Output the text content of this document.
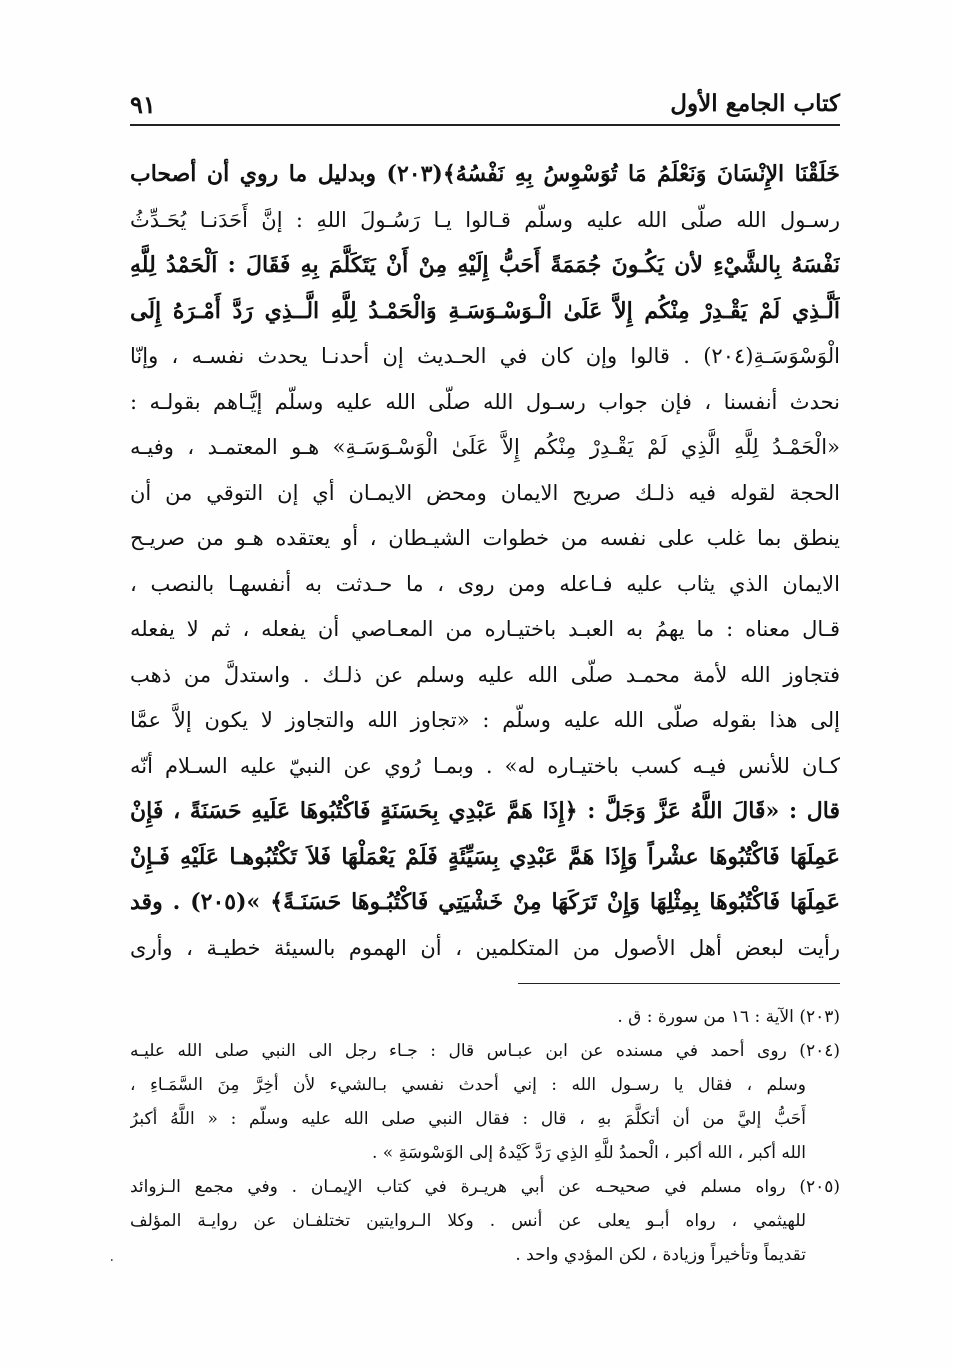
كتاب الجامع الأول
٩١
خَلَقْنَا الإِنْسَانَ وَنَعْلَمُ مَا تُوَسْوِسُ بِهِ نَفْسُهُ﴾(٢٠٣) وبدليل ما روي أن أصحاب
رسـول الله صلّى الله عليه وسلّم قـالوا يـا رَسُـولَ اللهِ : إنَّ أَحَدَنـا يُحَـدِّثُ
نَفْسَهُ بِالشَّيْءِ لأن يَكُـونَ جُمَمَةً أَحَبُّ إِلَيْهِ مِنْ أَنْ يَتَكَلَّمَ بِهِ فَقَالَ : اَلْحَمْدُ لِلَّهِ
اَلَّـذِي لَمْ يَقْـدِرْ مِنْكُم إِلاَّ عَلَىٰ الْـوَسْـوَسَـةِ وَالْحَمْـدُ لِلَّهِ الَّــذِي رَدَّ أَمْـرَهُ إِلَى
الْوَسْوَسَـةِ(٢٠٤) . قالوا وإن كان في الحـديث إن أحدنـا يحدث نفسـه ، وإنّا
نحدث أنفسنا ، فإن جواب رسـول الله صلّى الله عليه وسلّم إيَّـاهم بقولـه :
«الْحَمْـدُ لِلَّهِ الَّذِي لَمْ يَقْـدِرْ مِنْكُم إِلاَّ عَلَىٰ الْوَسْـوَسَـةِ» هـو المعتمـد ، وفيـه
الحجة لقوله فيه ذلـك صريح الايمان ومحض الايمـان أي إن التوقي من أن
ينطق بما غلب على نفسه من خطوات الشيـطان ، أو يعتقده هـو من صريـح
الايمان الذي يثاب عليه فـاعله ومن روى ، ما حـدثت به أنفسهـا بالنصب ،
قـال معناه : ما يهمُ به العبـد باختيـاره من المعـاصي أن يفعله ، ثم لا يفعله
فتجاوز الله لأمة محمـد صلّى الله عليه وسلم عن ذلـك . واستدلَّ من ذهب
إلى هذا بقوله صلّى الله عليه وسلّم : «تجاوز الله والتجاوز لا يكون إلاَّ عمَّا
كـان للأنس فيـه كسب باختيـاره له» . وبمـا رُوي عن النبيّ عليه السـلام أنّه
قال : «قَالَ اللَّهُ عَزَّ وَجَلَّ : ﴿إِذَا هَمَّ عَبْدِي بِحَسَنَةٍ فَاكْتُبُوهَا عَلَيهِ حَسَنَةً ، فَإِنْ
عَمِلَهَا فَاكْتُبُوهَا عشْراً وَإِذَا هَمَّ عَبْدِي بِسَيِّئَةٍ فَلَمْ يَعْمَلْهَا فَلاَ تَكْتُبُوهـا عَلَيْهِ فَـإِنْ
عَمِلَهَا فَاكْتُبُوهَا بِمِثْلِهَا وَإِنْ تَرَكَهَا مِنْ خَشْيَتِي فَاكْتُبُـوهَا حَسَنَـةً﴾ »(٢٠٥) . وقد
رأيت لبعض أهل الأصول من المتكلمين ، أن الهموم بالسيئة خطيـة ، وأرى
(٢٠٣) الآية : ١٦ من سورة : ق .
(٢٠٤) روى أحمد في مسنده عن ابن عبـاس قال : جـاء رجل الى النبي صلى الله عليـه
وسلم ، فقال يا رسـول الله : إني أحدث نفسي بـالشيء لأن أخِرَّ مِنَ السَّمَـاءِ ،
أَحَبُّ إليَّ من أن أتكلَّمَ بهِ ، قال : فقال النبي صلى الله عليه وسلّم : « اللَّهُ أكبرُ
الله أكبر ، الله أكبر ، الْحمدُ للَّهِ الذِي رَدَّ كَيْدهُ إلى الوَسْوسَةِ » .
(٢٠٥) رواه مسلم في صحيحـه عن أبي هريـرة في كتاب الإيمـان . وفي مجمع الـزوائد
للهيثمي ، رواه أبـو يعلى عن أنس . وكلا الـروايتين تختلفـان عن روايـة المؤلف
تقديماً وتأخيراً وزيادة ، لكن المؤدي واحد .
٠
